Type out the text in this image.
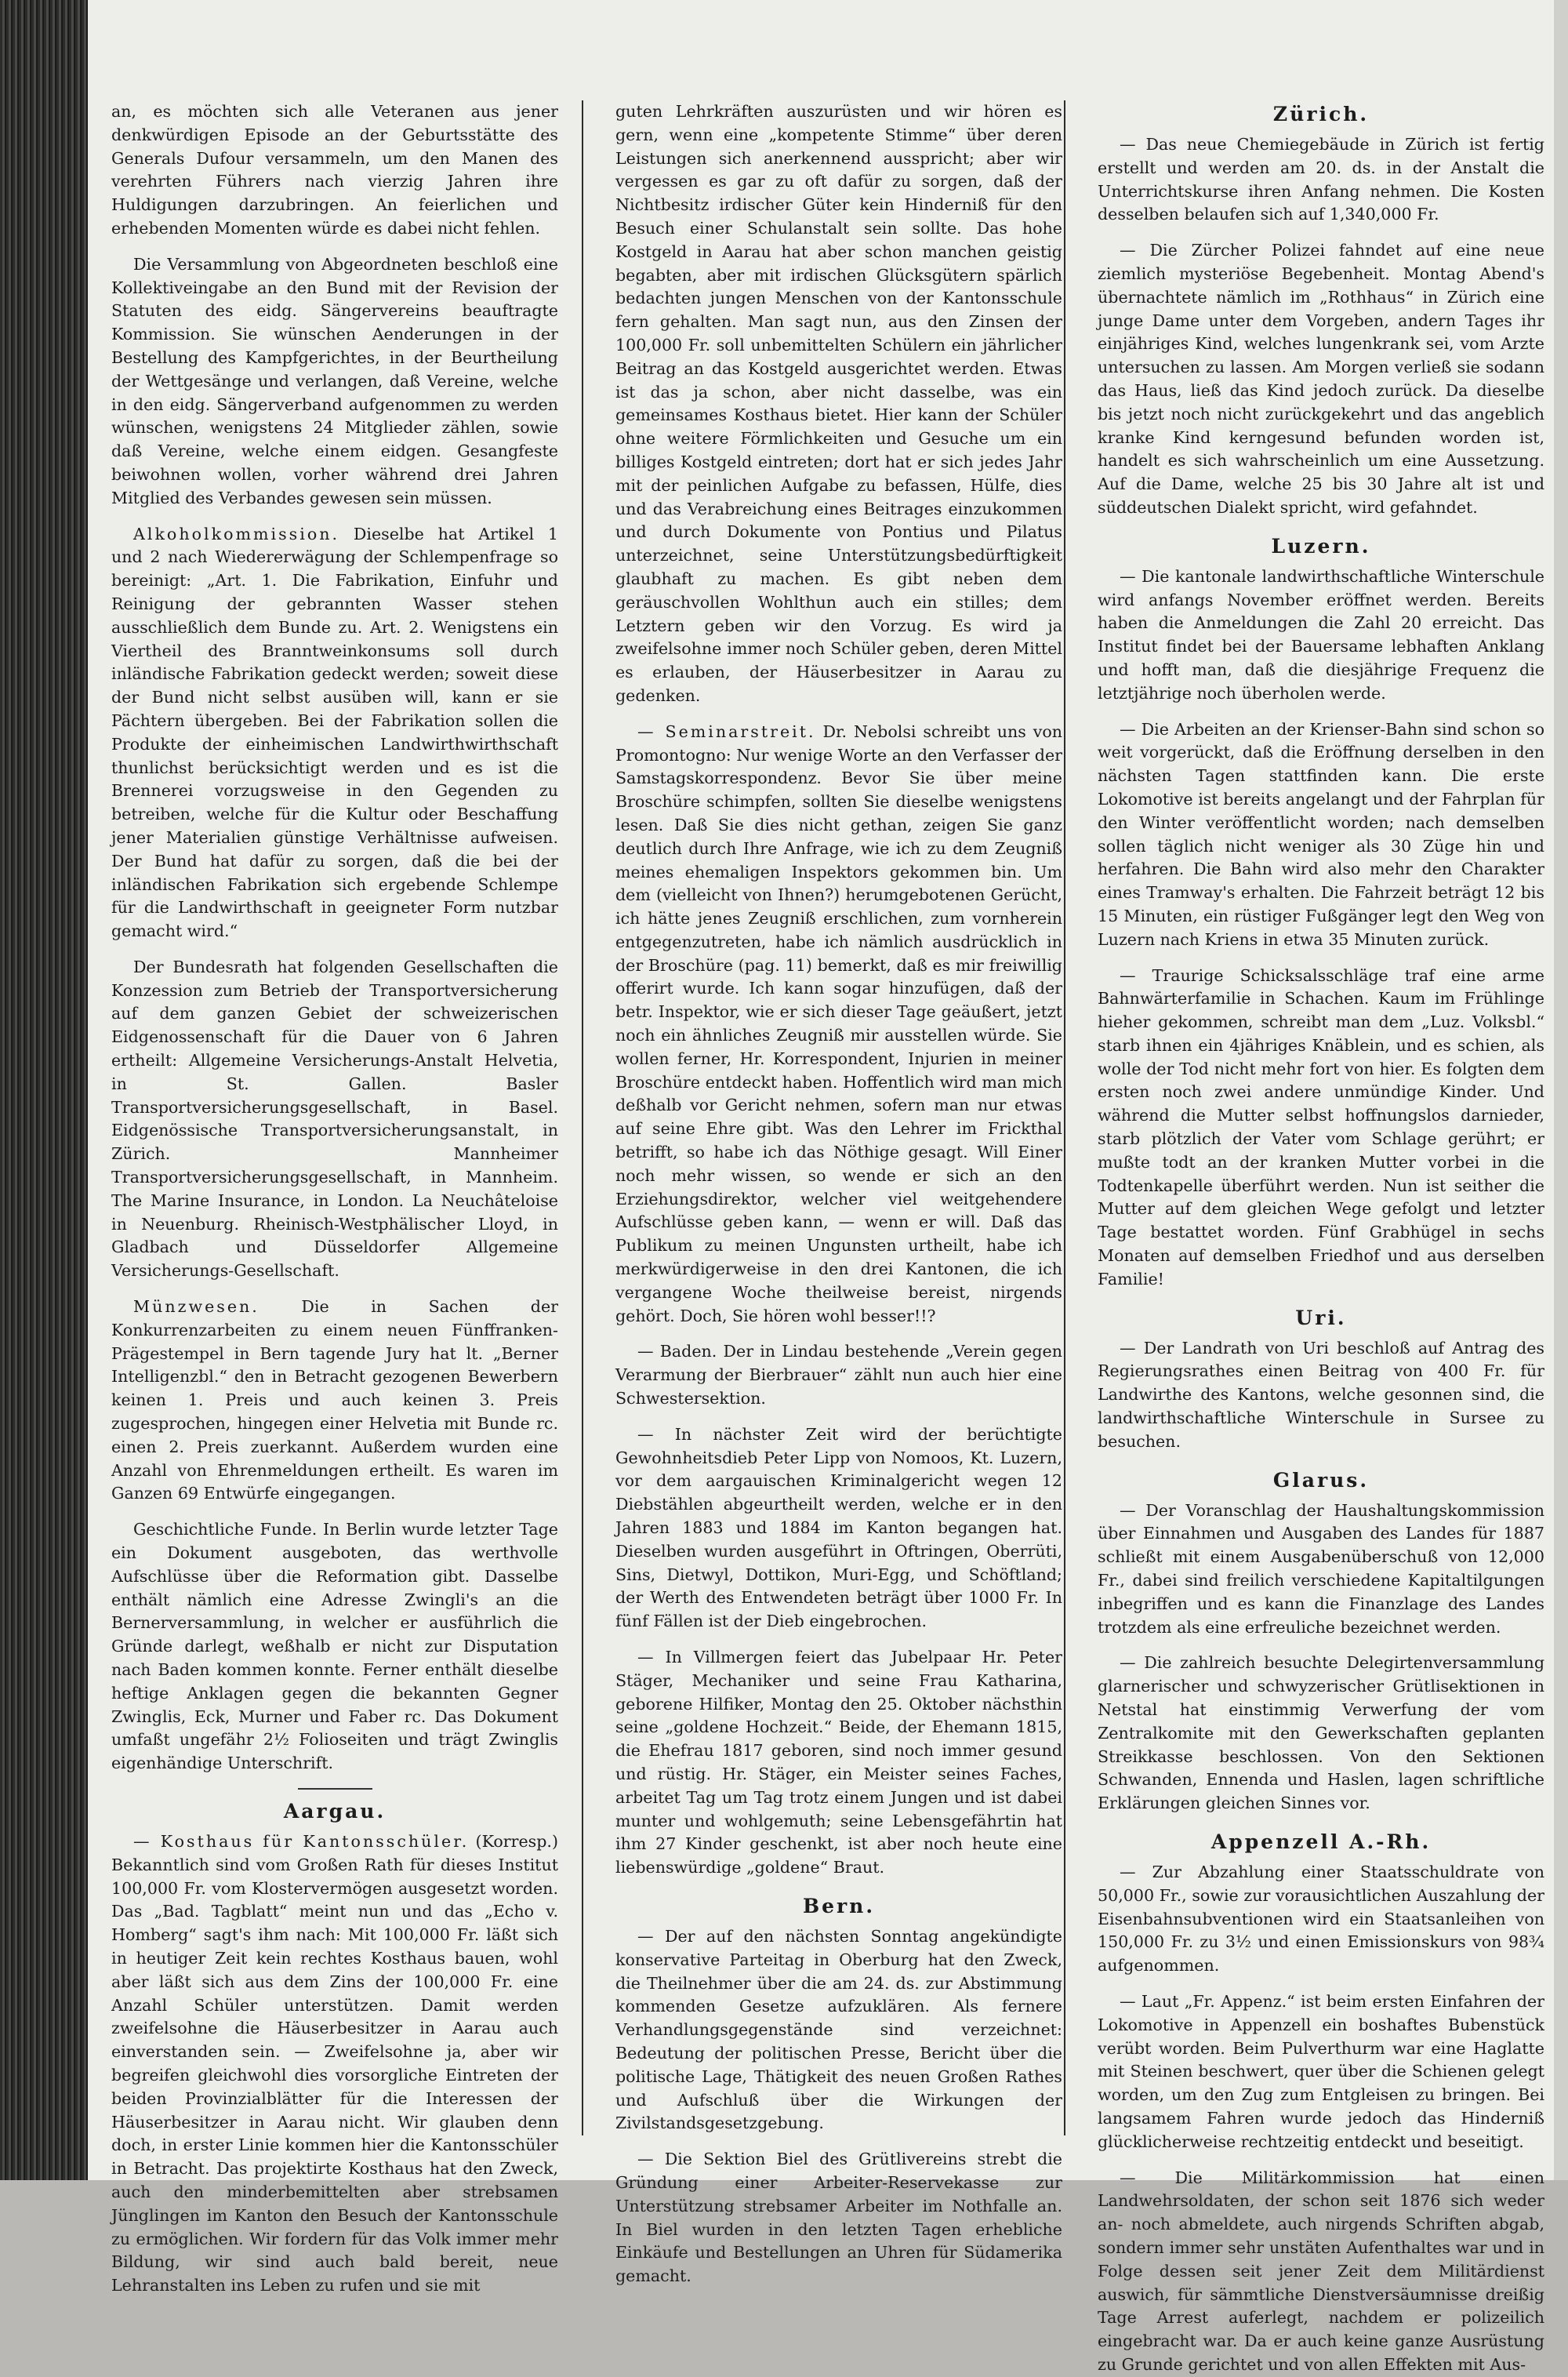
an, es möchten sich alle Veteranen aus jener denkwürdigen Episode an der Geburtsstätte des Generals Dufour versammeln, um den Manen des verehrten Führers nach vierzig Jahren ihre Huldigungen darzubringen. An feierlichen und erhebenden Momenten würde es dabei nicht fehlen.

Die Versammlung von Abgeordneten beschloß eine Kollektiveingabe an den Bund mit der Revision der Statuten des eidg. Sängervereins beauftragte Kommission. Sie wünschen Aenderungen in der Bestellung des Kampfgerichtes, in der Beurtheilung der Wettgesänge und verlangen, daß Vereine, welche in den eidg. Sängerverband aufgenommen zu werden wünschen, wenigstens 24 Mitglieder zählen, sowie daß Vereine, welche einem eidgen. Gesangfeste beiwohnen wollen, vorher während drei Jahren Mitglied des Verbandes gewesen sein müssen.

Alkoholkommission. Dieselbe hat Artikel 1 und 2 nach Wiedererwägung der Schlempenfrage so bereinigt: „Art. 1. Die Fabrikation, Einfuhr und Reinigung der gebrannten Wasser stehen ausschließlich dem Bunde zu. Art. 2. Wenigstens ein Viertheil des Branntweinkonsums soll durch inländische Fabrikation gedeckt werden; soweit diese der Bund nicht selbst ausüben will, kann er sie Pächtern übergeben. Bei der Fabrikation sollen die Produkte der einheimischen Landwirthwirthschaft thunlichst berücksichtigt werden und es ist die Brennerei vorzugsweise in den Gegenden zu betreiben, welche für die Kultur oder Beschaffung jener Materialien günstige Verhältnisse aufweisen. Der Bund hat dafür zu sorgen, daß die bei der inländischen Fabrikation sich ergebende Schlempe für die Landwirthschaft in geeigneter Form nutzbar gemacht wird.“

Der Bundesrath hat folgenden Gesellschaften die Konzession zum Betrieb der Transportversicherung auf dem ganzen Gebiet der schweizerischen Eidgenossenschaft für die Dauer von 6 Jahren ertheilt: Allgemeine Versicherungs-Anstalt Helvetia, in St. Gallen. Basler Transportversicherungsgesellschaft, in Basel. Eidgenössische Transportversicherungsanstalt, in Zürich. Mannheimer Transportversicherungsgesellschaft, in Mannheim. The Marine Insurance, in London. La Neuchâteloise in Neuenburg. Rheinisch-Westphälischer Lloyd, in Gladbach und Düsseldorfer Allgemeine Versicherungs-Gesellschaft.

Münzwesen.	Die in Sachen der Konkurrenzarbeiten zu einem neuen Fünffranken-Prägestempel in Bern tagende Jury hat lt. „Berner Intelligenzbl.“ den in Betracht gezogenen Bewerbern keinen 1. Preis und auch keinen 3. Preis zugesprochen, hingegen einer Helvetia mit Bunde rc. einen 2. Preis zuerkannt. Außerdem wurden eine Anzahl von Ehrenmeldungen ertheilt. Es waren im Ganzen 69 Entwürfe eingegangen.

Geschichtliche Funde. In Berlin wurde letzter Tage ein Dokument ausgeboten, das werthvolle Aufschlüsse über die Reformation gibt. Dasselbe enthält nämlich eine Adresse Zwingli's an die Bernerversammlung, in welcher er ausführlich die Gründe darlegt, weßhalb er nicht zur Disputation nach Baden kommen konnte. Ferner enthält dieselbe heftige Anklagen gegen die bekannten Gegner Zwinglis, Eck, Murner und Faber rc. Das Dokument umfaßt ungefähr 2½ Folioseiten und trägt Zwinglis eigenhändige Unterschrift.

Aargau.

— Kosthaus für Kantonsschüler. (Korresp.) Bekanntlich sind vom Großen Rath für dieses Institut 100,000 Fr. vom Klostervermögen ausgesetzt worden. Das „Bad. Tagblatt“ meint nun und das „Echo v. Homberg“ sagt's ihm nach: Mit 100,000 Fr. läßt sich in heutiger Zeit kein rechtes Kosthaus bauen, wohl aber läßt sich aus dem Zins der 100,000 Fr. eine Anzahl Schüler unterstützen. Damit werden zweifelsohne die Häuserbesitzer in Aarau auch einverstanden sein. — Zweifelsohne ja, aber wir begreifen gleichwohl dies vorsorgliche Eintreten der beiden Provinzialblätter für die Interessen der Häuserbesitzer in Aarau nicht. Wir glauben denn doch, in erster Linie kommen hier die Kantonsschüler in Betracht. Das projektirte Kosthaus hat den Zweck, auch den minderbemittelten aber strebsamen Jünglingen im Kanton den Besuch der Kantonsschule zu ermöglichen. Wir fordern für das Volk immer mehr Bildung, wir sind auch bald bereit, neue Lehranstalten ins Leben zu rufen und sie mit

guten Lehrkräften auszurüsten und wir hören es gern, wenn eine „kompetente Stimme“ über deren Leistungen sich anerkennend ausspricht; aber wir vergessen es gar zu oft dafür zu sorgen, daß der Nichtbesitz irdischer Güter kein Hinderniß für den Besuch einer Schulanstalt sein sollte. Das hohe Kostgeld in Aarau hat aber schon manchen geistig begabten, aber mit irdischen Glücksgütern spärlich bedachten jungen Menschen von der Kantonsschule fern gehalten. Man sagt nun, aus den Zinsen der 100,000 Fr. soll unbemittelten Schülern ein jährlicher Beitrag an das Kostgeld ausgerichtet werden. Etwas ist das ja schon, aber nicht dasselbe, was ein gemeinsames Kosthaus bietet. Hier kann der Schüler ohne weitere Förmlichkeiten und Gesuche um ein billiges Kostgeld eintreten; dort hat er sich jedes Jahr mit der peinlichen Aufgabe zu befassen, Hülfe, dies und das Verabreichung eines Beitrages einzukommen und durch Dokumente von Pontius und Pilatus unterzeichnet, seine Unterstützungsbedürftigkeit glaubhaft zu machen. Es gibt neben dem geräuschvollen Wohlthun auch ein stilles; dem Letztern geben wir den Vorzug. Es wird ja zweifelsohne immer noch Schüler geben, deren Mittel es erlauben, der Häuserbesitzer in Aarau zu gedenken.

— Seminarstreit. Dr. Nebolsi schreibt uns von Promontogno: Nur wenige Worte an den Verfasser der Samstagskorrespondenz. Bevor Sie über meine Broschüre schimpfen, sollten Sie dieselbe wenigstens lesen. Daß Sie dies nicht gethan, zeigen Sie ganz deutlich durch Ihre Anfrage, wie ich zu dem Zeugniß meines ehemaligen Inspektors gekommen bin. Um dem (vielleicht von Ihnen?) herumgebotenen Gerücht, ich hätte jenes Zeugniß erschlichen, zum vornherein entgegenzutreten, habe ich nämlich ausdrücklich in der Broschüre (pag. 11) bemerkt, daß es mir freiwillig offerirt wurde. Ich kann sogar hinzufügen, daß der betr. Inspektor, wie er sich dieser Tage geäußert, jetzt noch ein ähnliches Zeugniß mir ausstellen würde. Sie wollen ferner, Hr. Korrespondent, Injurien in meiner Broschüre entdeckt haben. Hoffentlich wird man mich deßhalb vor Gericht nehmen, sofern man nur etwas auf seine Ehre gibt. Was den Lehrer im Frickthal betrifft, so habe ich das Nöthige gesagt. Will Einer noch mehr wissen, so wende er sich an den Erziehungsdirektor, welcher viel weitgehendere Aufschlüsse geben kann, — wenn er will. Daß das Publikum zu meinen Ungunsten urtheilt, habe ich merkwürdigerweise in den drei Kantonen, die ich vergangene Woche theilweise bereist, nirgends gehört. Doch, Sie hören wohl besser!!?

— Baden. Der in Lindau bestehende „Verein gegen Verarmung der Bierbrauer“ zählt nun auch hier eine Schwestersektion.

— In nächster Zeit wird der berüchtigte Gewohnheitsdieb Peter Lipp von Nomoos, Kt. Luzern, vor dem aargauischen Kriminalgericht wegen 12 Diebstählen abgeurtheilt werden, welche er in den Jahren 1883 und 1884 im Kanton begangen hat. Dieselben wurden ausgeführt in Oftringen, Oberrüti, Sins, Dietwyl, Dottikon, Muri-Egg, und Schöftland; der Werth des Entwendeten beträgt über 1000 Fr. In fünf Fällen ist der Dieb eingebrochen.

— In Villmergen feiert das Jubelpaar Hr. Peter Stäger, Mechaniker und seine Frau Katharina, geborene Hilfiker, Montag den 25. Oktober nächsthin seine „goldene Hochzeit.“ Beide, der Ehemann 1815, die Ehefrau 1817 geboren, sind noch immer gesund und rüstig. Hr. Stäger, ein Meister seines Faches, arbeitet Tag um Tag trotz einem Jungen und ist dabei munter und wohlgemuth; seine Lebensgefährtin hat ihm 27 Kinder geschenkt, ist aber noch heute eine liebenswürdige „goldene“ Braut.

Bern.

— Der auf den nächsten Sonntag angekündigte konservative Parteitag in Oberburg hat den Zweck, die Theilnehmer über die am 24. ds. zur Abstimmung kommenden Gesetze aufzuklären. Als fernere Verhandlungsgegenstände sind verzeichnet: Bedeutung der politischen Presse, Bericht über die politische Lage, Thätigkeit des neuen Großen Rathes und Aufschluß über die Wirkungen der Zivilstandsgesetzgebung.

— Die Sektion Biel des Grütlivereins strebt die Gründung einer Arbeiter-Reservekasse zur Unterstützung strebsamer Arbeiter im Nothfalle an. In Biel wurden in den letzten Tagen erhebliche Einkäufe und Bestellungen an Uhren für Südamerika gemacht.

Zürich.

— Das neue Chemiegebäude in Zürich ist fertig erstellt und werden am 20. ds. in der Anstalt die Unterrichtskurse ihren Anfang nehmen. Die Kosten desselben belaufen sich auf 1,340,000 Fr.

— Die Zürcher Polizei fahndet auf eine neue ziemlich mysteriöse Begebenheit. Montag Abend's übernachtete nämlich im „Rothhaus“ in Zürich eine junge Dame unter dem Vorgeben, andern Tages ihr einjähriges Kind, welches lungenkrank sei, vom Arzte untersuchen zu lassen. Am Morgen verließ sie sodann das Haus, ließ das Kind jedoch zurück. Da dieselbe bis jetzt noch nicht zurückgekehrt und das angeblich kranke Kind kerngesund befunden worden ist, handelt es sich wahrscheinlich um eine Aussetzung. Auf die Dame, welche 25 bis 30 Jahre alt ist und süddeutschen Dialekt spricht, wird gefahndet.

Luzern.

— Die kantonale landwirthschaftliche Winterschule wird anfangs November eröffnet werden. Bereits haben die Anmeldungen die Zahl 20 erreicht. Das Institut findet bei der Bauersame lebhaften Anklang und hofft man, daß die diesjährige Frequenz die letztjährige noch überholen werde.

— Die Arbeiten an der Krienser-Bahn sind schon so weit vorgerückt, daß die Eröffnung derselben in den nächsten Tagen stattfinden kann. Die erste Lokomotive ist bereits angelangt und der Fahrplan für den Winter veröffentlicht worden; nach demselben sollen täglich nicht weniger als 30 Züge hin und herfahren. Die Bahn wird also mehr den Charakter eines Tramway's erhalten. Die Fahrzeit beträgt 12 bis 15 Minuten, ein rüstiger Fußgänger legt den Weg von Luzern nach Kriens in etwa 35 Minuten zurück.

— Traurige Schicksalsschläge traf eine arme Bahnwärterfamilie in Schachen. Kaum im Frühlinge hieher gekommen, schreibt man dem „Luz. Volksbl.“ starb ihnen ein 4jähriges Knäblein, und es schien, als wolle der Tod nicht mehr fort von hier. Es folgten dem ersten noch zwei andere unmündige Kinder. Und während die Mutter selbst hoffnungslos darnieder, starb plötzlich der Vater vom Schlage gerührt; er mußte todt an der kranken Mutter vorbei in die Todtenkapelle überführt werden. Nun ist seither die Mutter auf dem gleichen Wege gefolgt und letzter Tage bestattet worden. Fünf Grabhügel in sechs Monaten auf demselben Friedhof und aus derselben Familie!

Uri.

— Der Landrath von Uri beschloß auf Antrag des Regierungsrathes einen Beitrag von 400 Fr. für Landwirthe des Kantons, welche gesonnen sind, die landwirthschaftliche Winterschule in Sursee zu besuchen.

Glarus.

— Der Voranschlag der Haushaltungskommission über Einnahmen und Ausgaben des Landes für 1887 schließt mit einem Ausgabenüberschuß von 12,000 Fr., dabei sind freilich verschiedene Kapitaltilgungen inbegriffen und es kann die Finanzlage des Landes trotzdem als eine erfreuliche bezeichnet werden.

— Die zahlreich besuchte Delegirtenversammlung glarnerischer und schwyzerischer Grütlisektionen in Netstal hat einstimmig Verwerfung der vom Zentralkomite mit den Gewerkschaften geplanten Streikkasse beschlossen. Von den Sektionen Schwanden, Ennenda und Haslen, lagen schriftliche Erklärungen gleichen Sinnes vor.

Appenzell A.-Rh.

— Zur Abzahlung einer Staatsschuldrate von 50,000 Fr., sowie zur vorausichtlichen Auszahlung der Eisenbahnsubventionen wird ein Staatsanleihen von 150,000 Fr. zu 3½ und einen Emissionskurs von 98¾ aufgenommen.

— Laut „Fr. Appenz.“ ist beim ersten Einfahren der Lokomotive in Appenzell ein boshaftes Bubenstück verübt worden. Beim Pulverthurm war eine Haglatte mit Steinen beschwert, quer über die Schienen gelegt worden, um den Zug zum Entgleisen zu bringen. Bei langsamem Fahren wurde jedoch das Hinderniß glücklicherweise rechtzeitig entdeckt und beseitigt.

— Die Militärkommission hat einen Landwehrsoldaten, der schon seit 1876 sich weder an- noch abmeldete, auch nirgends Schriften abgab, sondern immer sehr unstäten Aufenthaltes war und in Folge dessen seit jener Zeit dem Militärdienst auswich, für sämmtliche Dienstversäumnisse dreißig Tage Arrest auferlegt, nachdem er polizeilich eingebracht war. Da er auch keine ganze Ausrüstung zu Grunde gerichtet und von allen Effekten mit Aus-
